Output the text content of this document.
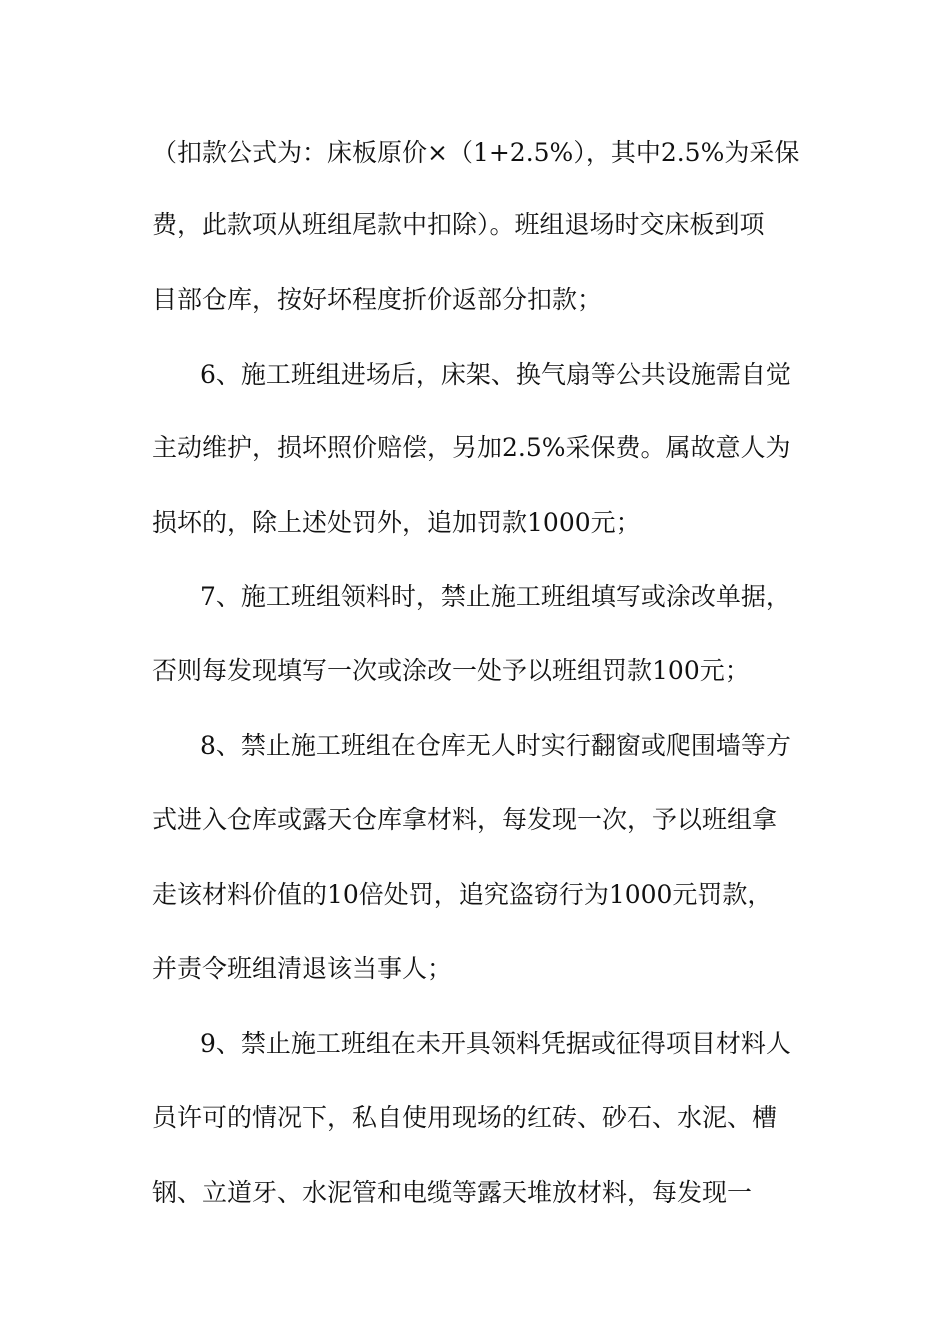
（扣款公式为：床板原价×（1+2.5%），其中2.5%为采保
费，此款项从班组尾款中扣除）。班组退场时交床板到项
目部仓库，按好坏程度折价返部分扣款；
6、施工班组进场后，床架、换气扇等公共设施需自觉
主动维护，损坏照价赔偿，另加2.5%采保费。属故意人为
损坏的，除上述处罚外，追加罚款1000元；
7、施工班组领料时，禁止施工班组填写或涂改单据，
否则每发现填写一次或涂改一处予以班组罚款100元；
8、禁止施工班组在仓库无人时实行翻窗或爬围墙等方
式进入仓库或露天仓库拿材料，每发现一次，予以班组拿
走该材料价值的10倍处罚，追究盗窃行为1000元罚款，
并责令班组清退该当事人；
9、禁止施工班组在未开具领料凭据或征得项目材料人
员许可的情况下，私自使用现场的红砖、砂石、水泥、槽
钢、立道牙、水泥管和电缆等露天堆放材料，每发现一
